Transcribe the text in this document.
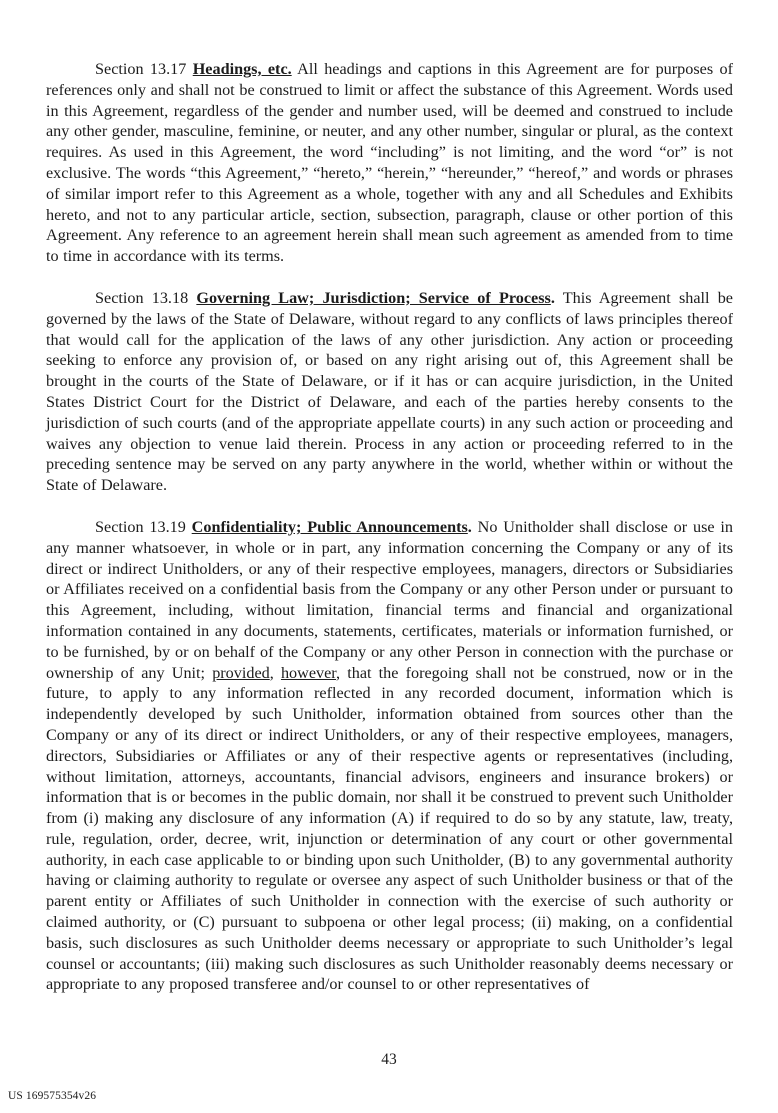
Section 13.17 Headings, etc. All headings and captions in this Agreement are for purposes of references only and shall not be construed to limit or affect the substance of this Agreement. Words used in this Agreement, regardless of the gender and number used, will be deemed and construed to include any other gender, masculine, feminine, or neuter, and any other number, singular or plural, as the context requires. As used in this Agreement, the word “including” is not limiting, and the word “or” is not exclusive. The words “this Agreement,” “hereto,” “herein,” “hereunder,” “hereof,” and words or phrases of similar import refer to this Agreement as a whole, together with any and all Schedules and Exhibits hereto, and not to any particular article, section, subsection, paragraph, clause or other portion of this Agreement. Any reference to an agreement herein shall mean such agreement as amended from to time to time in accordance with its terms.

Section 13.18 Governing Law; Jurisdiction; Service of Process. This Agreement shall be governed by the laws of the State of Delaware, without regard to any conflicts of laws principles thereof that would call for the application of the laws of any other jurisdiction. Any action or proceeding seeking to enforce any provision of, or based on any right arising out of, this Agreement shall be brought in the courts of the State of Delaware, or if it has or can acquire jurisdiction, in the United States District Court for the District of Delaware, and each of the parties hereby consents to the jurisdiction of such courts (and of the appropriate appellate courts) in any such action or proceeding and waives any objection to venue laid therein. Process in any action or proceeding referred to in the preceding sentence may be served on any party anywhere in the world, whether within or without the State of Delaware.

Section 13.19 Confidentiality; Public Announcements. No Unitholder shall disclose or use in any manner whatsoever, in whole or in part, any information concerning the Company or any of its direct or indirect Unitholders, or any of their respective employees, managers, directors or Subsidiaries or Affiliates received on a confidential basis from the Company or any other Person under or pursuant to this Agreement, including, without limitation, financial terms and financial and organizational information contained in any documents, statements, certificates, materials or information furnished, or to be furnished, by or on behalf of the Company or any other Person in connection with the purchase or ownership of any Unit; provided, however, that the foregoing shall not be construed, now or in the future, to apply to any information reflected in any recorded document, information which is independently developed by such Unitholder, information obtained from sources other than the Company or any of its direct or indirect Unitholders, or any of their respective employees, managers, directors, Subsidiaries or Affiliates or any of their respective agents or representatives (including, without limitation, attorneys, accountants, financial advisors, engineers and insurance brokers) or information that is or becomes in the public domain, nor shall it be construed to prevent such Unitholder from (i) making any disclosure of any information (A) if required to do so by any statute, law, treaty, rule, regulation, order, decree, writ, injunction or determination of any court or other governmental authority, in each case applicable to or binding upon such Unitholder, (B) to any governmental authority having or claiming authority to regulate or oversee any aspect of such Unitholder business or that of the parent entity or Affiliates of such Unitholder in connection with the exercise of such authority or claimed authority, or (C) pursuant to subpoena or other legal process; (ii) making, on a confidential basis, such disclosures as such Unitholder deems necessary or appropriate to such Unitholder’s legal counsel or accountants; (iii) making such disclosures as such Unitholder reasonably deems necessary or appropriate to any proposed transferee and/or counsel to or other representatives of

43
US 169575354v26
